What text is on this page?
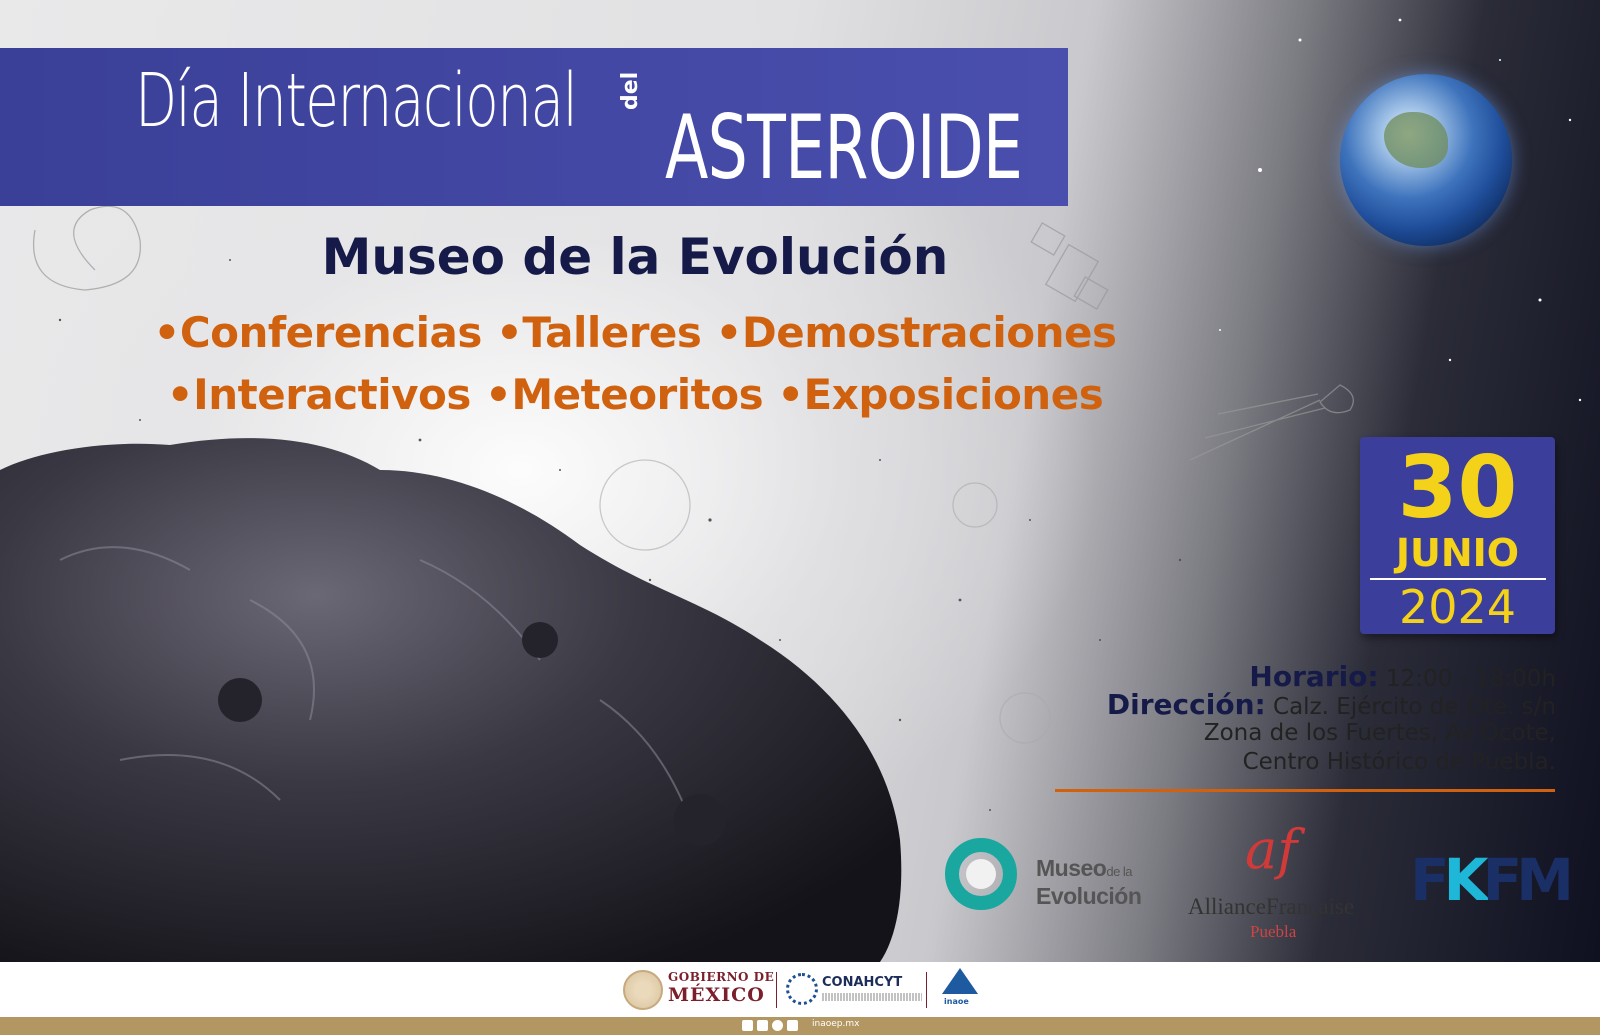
Día Internacional del
ASTEROIDE
Museo de la Evolución
•Conferencias •Talleres •Demostraciones
•Interactivos •Meteoritos •Exposiciones
30
JUNIO
2024
Horario: 12:00 - 18:00h
Dirección: Calz. Ejército de Ote. s/n
Zona de los Fuertes, Av Ocote,
Centro Histórico de Puebla.
Museode la
Evolución
af
AllianceFrançaise
Puebla
FKFM
GOBIERNO DE
MÉXICO
CONAHCYT
inaoe
inaoep.mx
